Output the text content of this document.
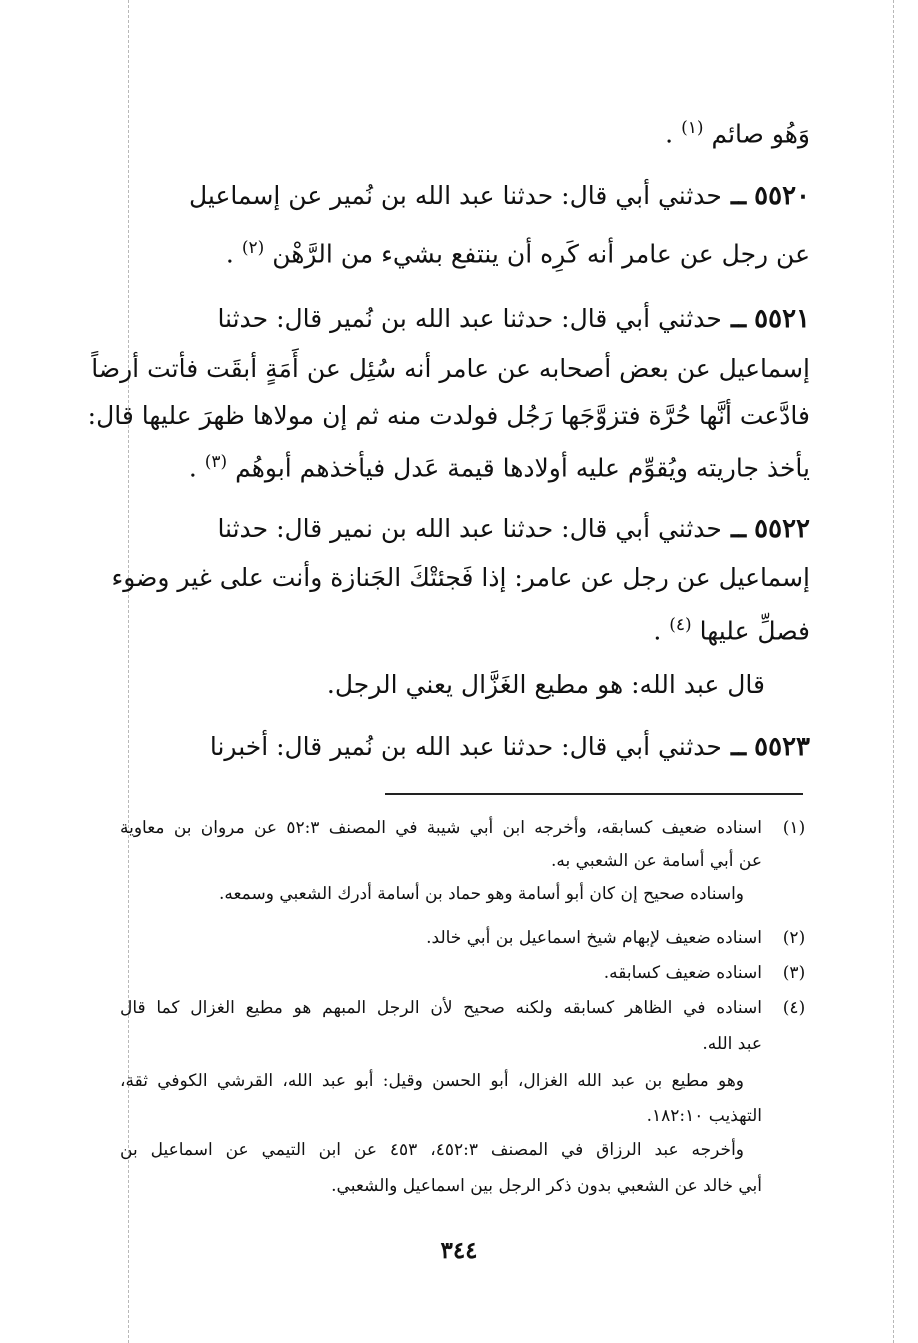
وَهُو صائم $^{(١)}$ .
٥٥٢٠ ــ حدثني أبي قال: حدثنا عبد الله بن نُمير عن إسماعيل
عن رجل عن عامر أنه كَرِه أن ينتفع بشيء من الرَّهْن $^{(٢)}$ .
٥٥٢١ ــ حدثني أبي قال: حدثنا عبد الله بن نُمير قال: حدثنا
إسماعيل عن بعض أصحابه عن عامر أنه سُئِل عن أَمَةٍ أبقَت فأتت أرضاً
فادَّعت أنَّها حُرَّة فتزوَّجَها رَجُل فولدت منه ثم إن مولاها ظهرَ عليها قال:
يأخذ جاريته ويُقوِّم عليه أولادها قيمة عَدل فيأخذهم أبوهُم $^{(٣)}$ .
٥٥٢٢ ــ حدثني أبي قال: حدثنا عبد الله بن نمير قال: حدثنا
إسماعيل عن رجل عن عامر: إذا فَجئتْكَ الجَنازة وأنت على غير وضوء
فصلِّ عليها $^{(٤)}$ .
قال عبد الله: هو مطيع الغَزَّال يعني الرجل.
٥٥٢٣ ــ حدثني أبي قال: حدثنا عبد الله بن نُمير قال: أخبرنا
(١)
اسناده ضعيف كسابقه، وأخرجه ابن أبي شيبة في المصنف ٥٢:٣ عن مروان بن معاوية
عن أبي أسامة عن الشعبي به.
واسناده صحيح إن كان أبو أسامة وهو حماد بن أسامة أدرك الشعبي وسمعه.
(٢)
اسناده ضعيف لإبهام شيخ اسماعيل بن أبي خالد.
(٣)
اسناده ضعيف كسابقه.
(٤)
اسناده في الظاهر كسابقه ولكنه صحيح لأن الرجل المبهم هو مطيع الغزال كما قال
عبد الله.
وهو مطيع بن عبد الله الغزال، أبو الحسن وقيل: أبو عبد الله، القرشي الكوفي ثقة،
التهذيب ١٨٢:١٠.
وأخرجه عبد الرزاق في المصنف ٤٥٢:٣، ٤٥٣ عن ابن التيمي عن اسماعيل بن
أبي خالد عن الشعبي بدون ذكر الرجل بين اسماعيل والشعبي.
٣٤٤
